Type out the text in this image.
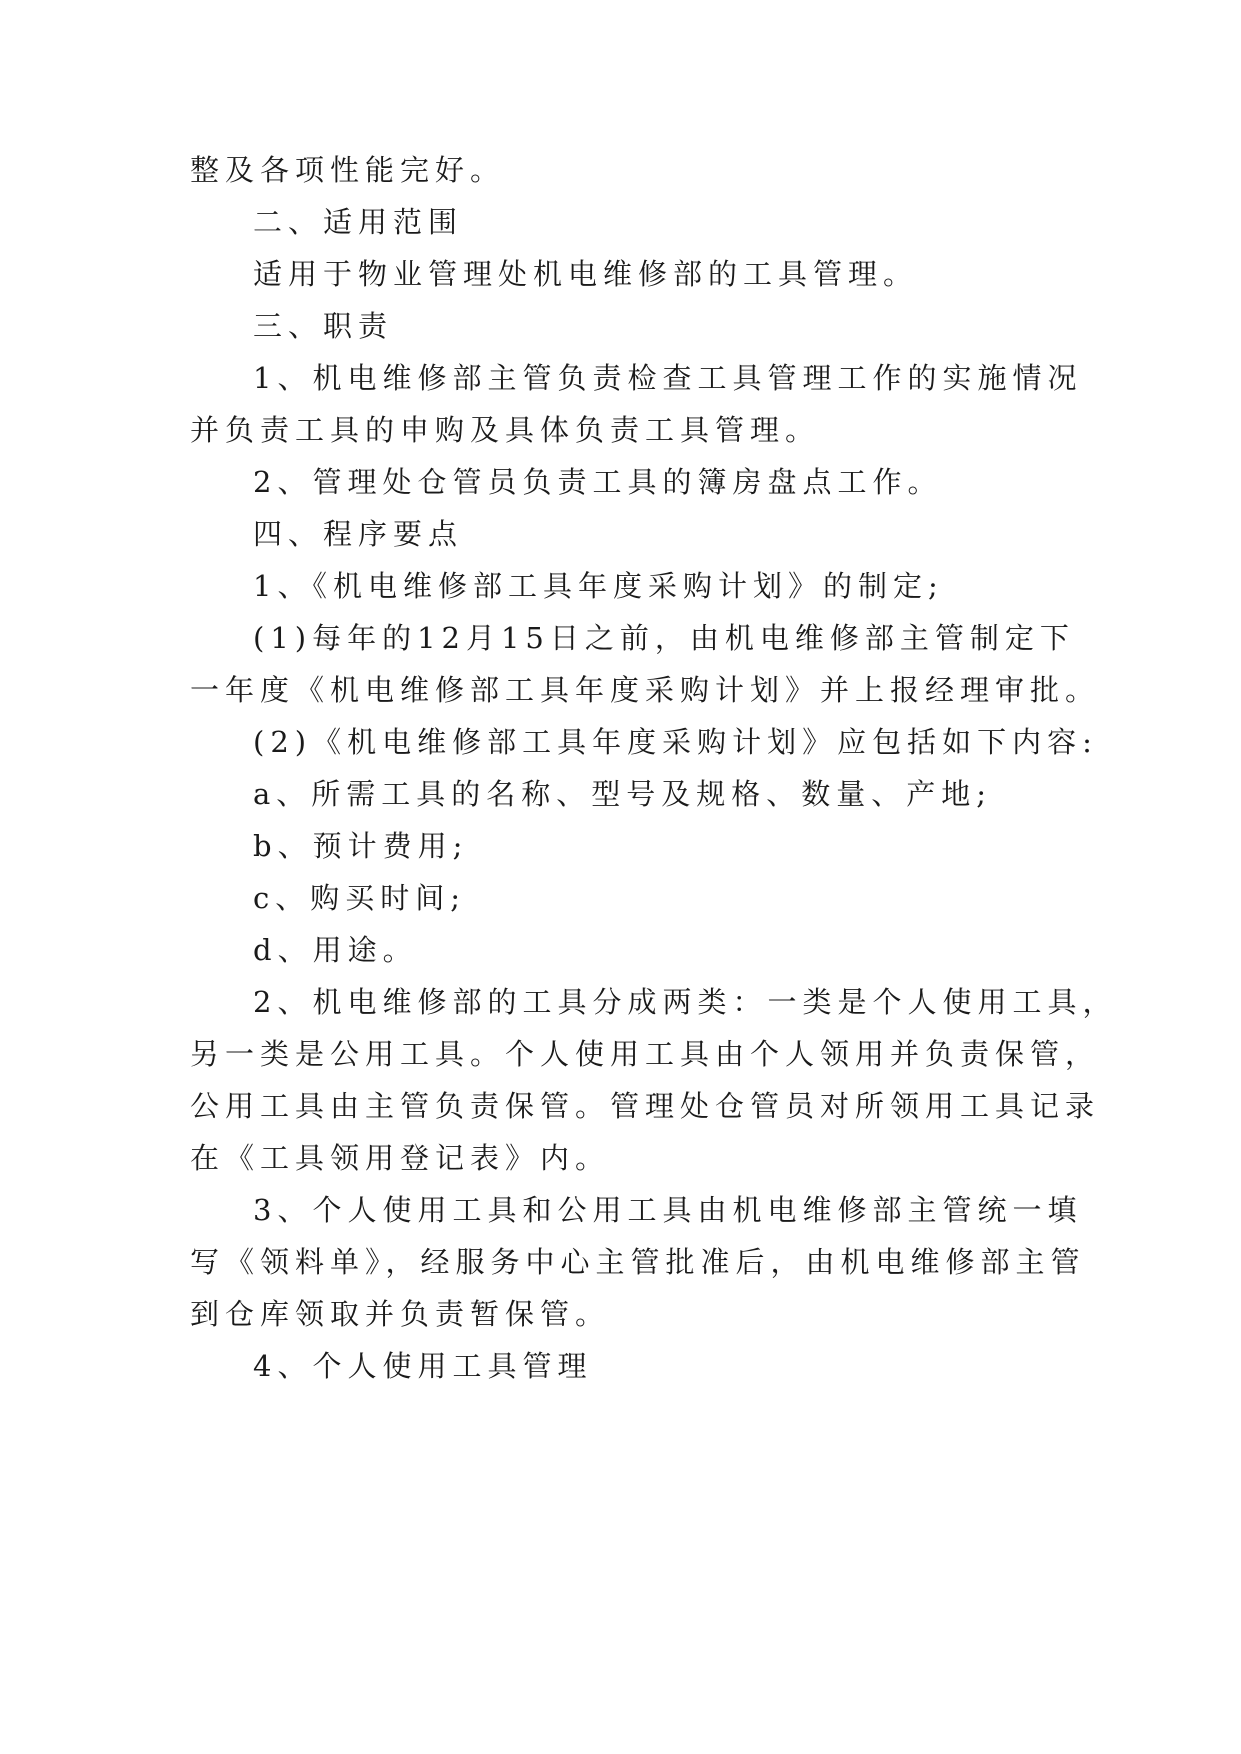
整及各项性能完好。
二、适用范围
适用于物业管理处机电维修部的工具管理。
三、职责
1、机电维修部主管负责检查工具管理工作的实施情况
并负责工具的申购及具体负责工具管理。
2、管理处仓管员负责工具的簿房盘点工作。
四、程序要点
1、《机电维修部工具年度采购计划》的制定;
(1)每年的12月15日之前，由机电维修部主管制定下
一年度《机电维修部工具年度采购计划》并上报经理审批。
(2)《机电维修部工具年度采购计划》应包括如下内容:
a、所需工具的名称、型号及规格、数量、产地;
b、预计费用;
c、购买时间;
d、用途。
2、机电维修部的工具分成两类：一类是个人使用工具，
另一类是公用工具。个人使用工具由个人领用并负责保管，
公用工具由主管负责保管。管理处仓管员对所领用工具记录
在《工具领用登记表》内。
3、个人使用工具和公用工具由机电维修部主管统一填
写《领料单》，经服务中心主管批准后，由机电维修部主管
到仓库领取并负责暂保管。
4、个人使用工具管理
